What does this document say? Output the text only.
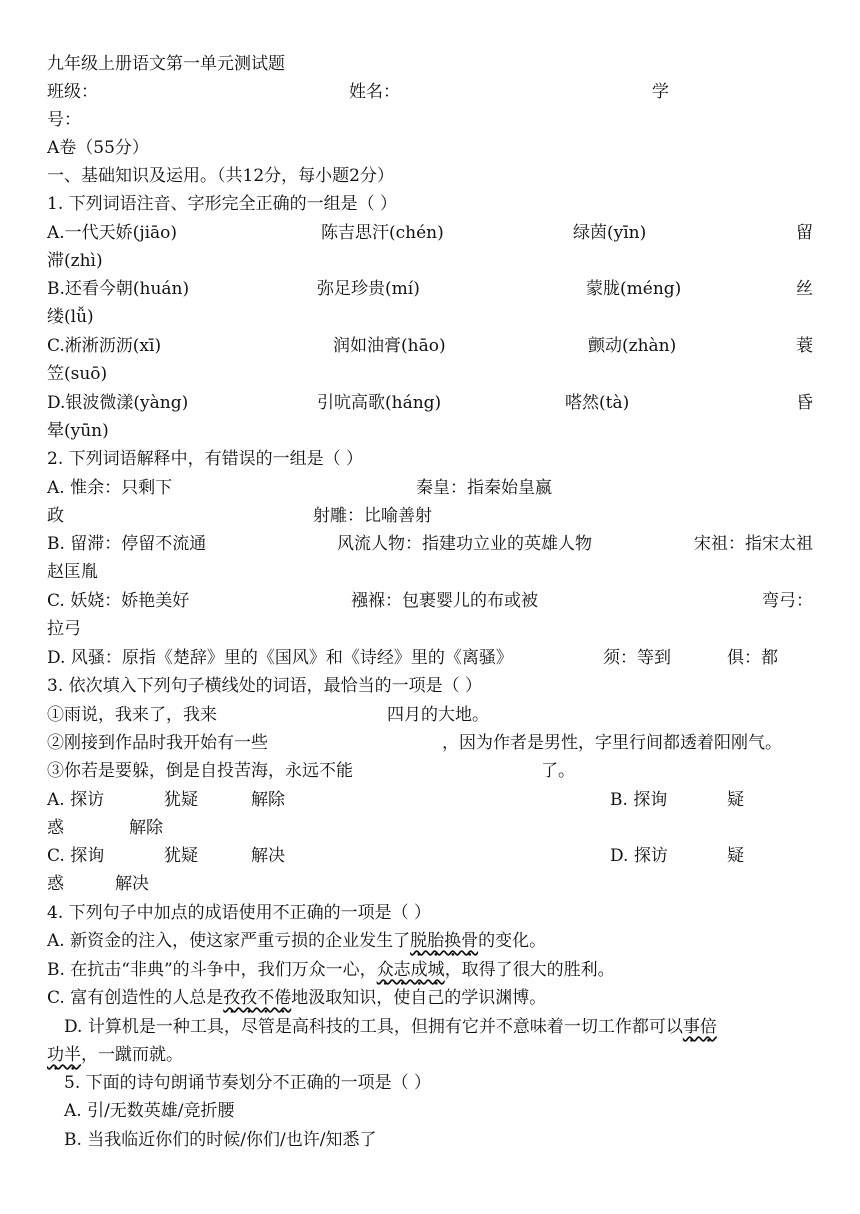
九年级上册语文第一单元测试题
班级：	姓名：	学
号：
A卷（55分）
一、基础知识及运用。（共12分，每小题2分）
1. 下列词语注音、字形完全正确的一组是（ ）
A.一代天娇(jiāo)	陈吉思汗(chén)	绿茵(yīn)	留
滞(zhì)
B.还看今朝(huán)	弥足珍贵(mí)	蒙胧(méng)	丝
缕(lǚ)
C.淅淅沥沥(xī)	润如油膏(hāo)	颤动(zhàn)	蓑
笠(suō)
D.银波微漾(yàng)	引吭高歌(háng)	嗒然(tà)	昏
晕(yūn)
2. 下列词语解释中，有错误的一组是（ ）
A. 惟余：只剩下	秦皇：指秦始皇嬴
政	射雕：比喻善射
B. 留滞：停留不流通	风流人物：指建功立业的英雄人物	宋祖：指宋太祖
赵匡胤
C. 妖娆：娇艳美好	襁褓：包裹婴儿的布或被	弯弓：
拉弓
D. 风骚：原指《楚辞》里的《国风》和《诗经》里的《离骚》	须：等到	俱：都
3. 依次填入下列句子横线处的词语，最恰当的一项是（ ）
①雨说，我来了，我来	四月的大地。
②刚接到作品时我开始有一些	，因为作者是男性，字里行间都透着阳刚气。
③你若是要躲，倒是自投苦海，永远不能	了。
A. 探访	犹疑	解除	B. 探询	疑
惑	解除
C. 探询	犹疑	解决	D. 探访	疑
惑	解决
4. 下列句子中加点的成语使用不正确的一项是（ ）
A. 新资金的注入，使这家严重亏损的企业发生了脱胎换骨的变化。
B. 在抗击“非典”的斗争中，我们万众一心，众志成城，取得了很大的胜利。
C. 富有创造性的人总是孜孜不倦地汲取知识，使自己的学识渊博。
D. 计算机是一种工具，尽管是高科技的工具，但拥有它并不意味着一切工作都可以事倍
功半，一蹴而就。
5. 下面的诗句朗诵节奏划分不正确的一项是（ ）
A. 引/无数英雄/竞折腰
B. 当我临近你们的时候/你们/也许/知悉了
